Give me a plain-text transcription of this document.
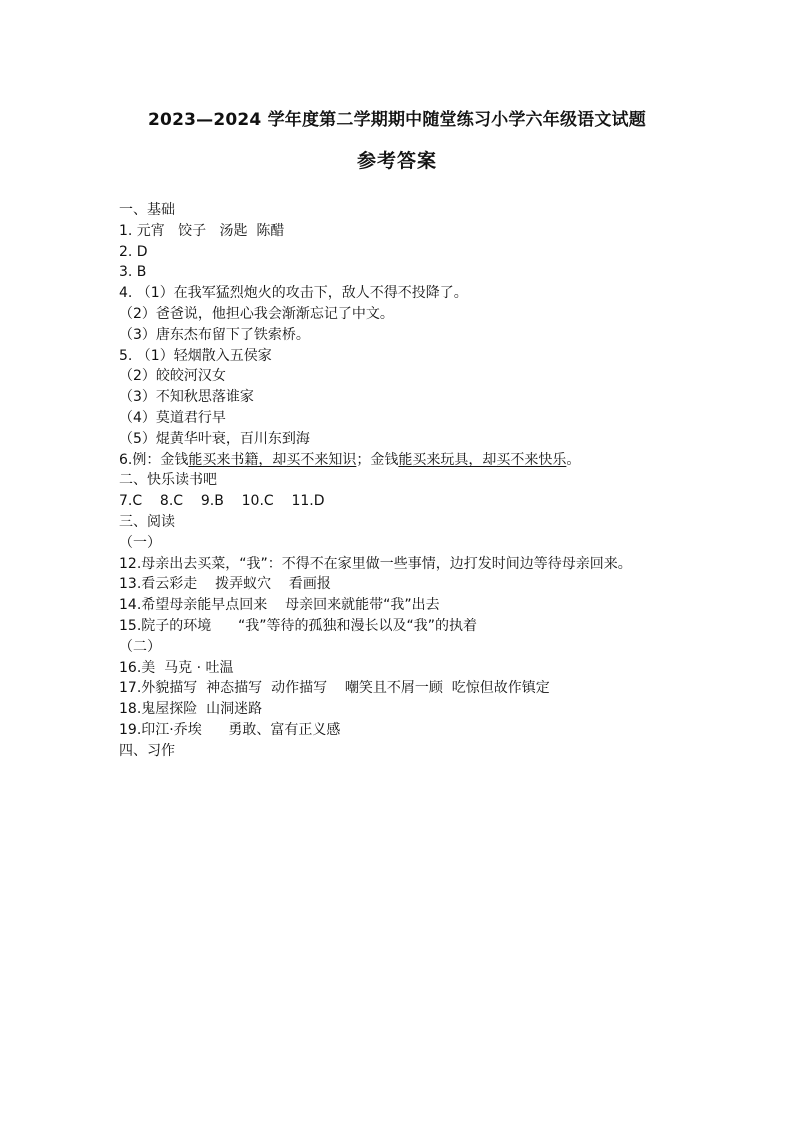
2023—2024 学年度第二学期期中随堂练习小学六年级语文试题
参考答案
一、基础
1. 元宵   饺子   汤匙  陈醋
2. D
3. B
4. （1）在我军猛烈炮火的攻击下，敌人不得不投降了。
（2）爸爸说，他担心我会渐渐忘记了中文。
（3）唐东杰布留下了铁索桥。
5. （1）轻烟散入五侯家
（2）皎皎河汉女
（3）不知秋思落谁家
（4）莫道君行早
（5）焜黄华叶衰，百川东到海
6.例：金钱能买来书籍，却买不来知识；金钱能买来玩具，却买不来快乐。
二、快乐读书吧
7.C    8.C    9.B    10.C    11.D
三、阅读
（一）
12.母亲出去买菜，“我”：不得不在家里做一些事情，边打发时间边等待母亲回来。
13.看云彩走    拨弄蚁穴    看画报
14.希望母亲能早点回来    母亲回来就能带“我”出去
15.院子的环境      “我”等待的孤独和漫长以及“我”的执着
（二）
16.美  马克 · 吐温
17.外貌描写  神态描写  动作描写    嘲笑且不屑一顾  吃惊但故作镇定
18.鬼屋探险  山洞迷路
19.印江·乔埃      勇敢、富有正义感
四、习作
